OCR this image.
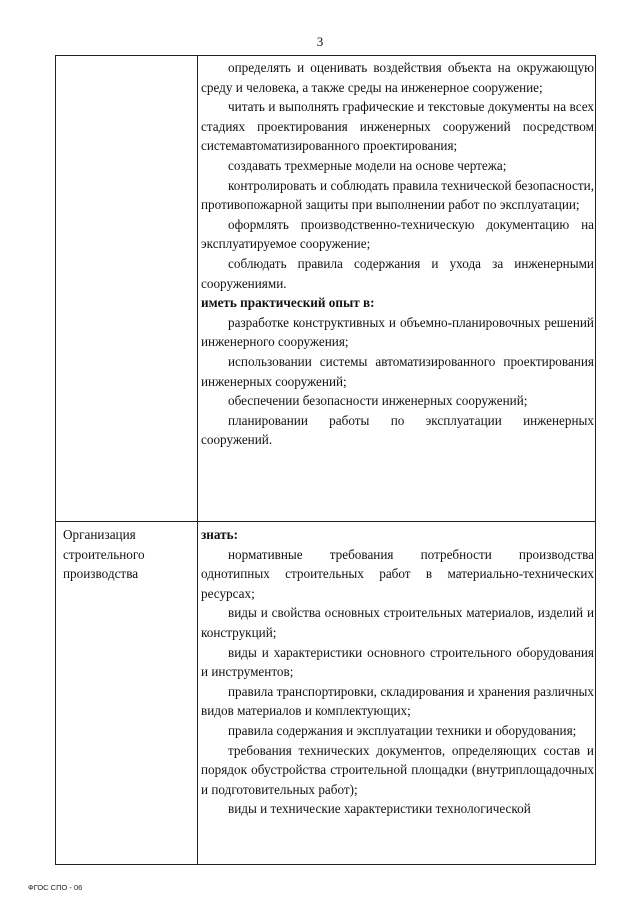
3

определять и оценивать воздействия объекта на окружающую среду и человека, а также среды на инженерное сооружение;

читать и выполнять графические и текстовые документы на всех стадиях проектирования инженерных сооружений посредством системавтоматизированного проектирования;

создавать трехмерные модели на основе чертежа;

контролировать и соблюдать правила технической безопасности, противопожарной защиты при выполнении работ по эксплуатации;

оформлять производственно-техническую документацию на эксплуатируемое сооружение;

соблюдать правила содержания и ухода за инженерными сооружениями.

иметь практический опыт в:

разработке конструктивных и объемно-планировочных решений инженерного сооружения;

использовании системы автоматизированного проектирования инженерных сооружений;

обеспечении безопасности инженерных сооружений;

планировании работы по эксплуатации инженерных сооружений.

Организация строительного производства

знать:

нормативные требования потребности производства однотипных строительных работ в материально-технических ресурсах;

виды и свойства основных строительных материалов, изделий и конструкций;

виды и характеристики основного строительного оборудования и инструментов;

правила транспортировки, складирования и хранения различных видов материалов и комплектующих;

правила содержания и эксплуатации техники и оборудования;

требования технических документов, определяющих состав и порядок обустройства строительной площадки (внутриплощадочных и подготовительных работ);

виды и технические характеристики технологической

ФГОС СПО - 06
